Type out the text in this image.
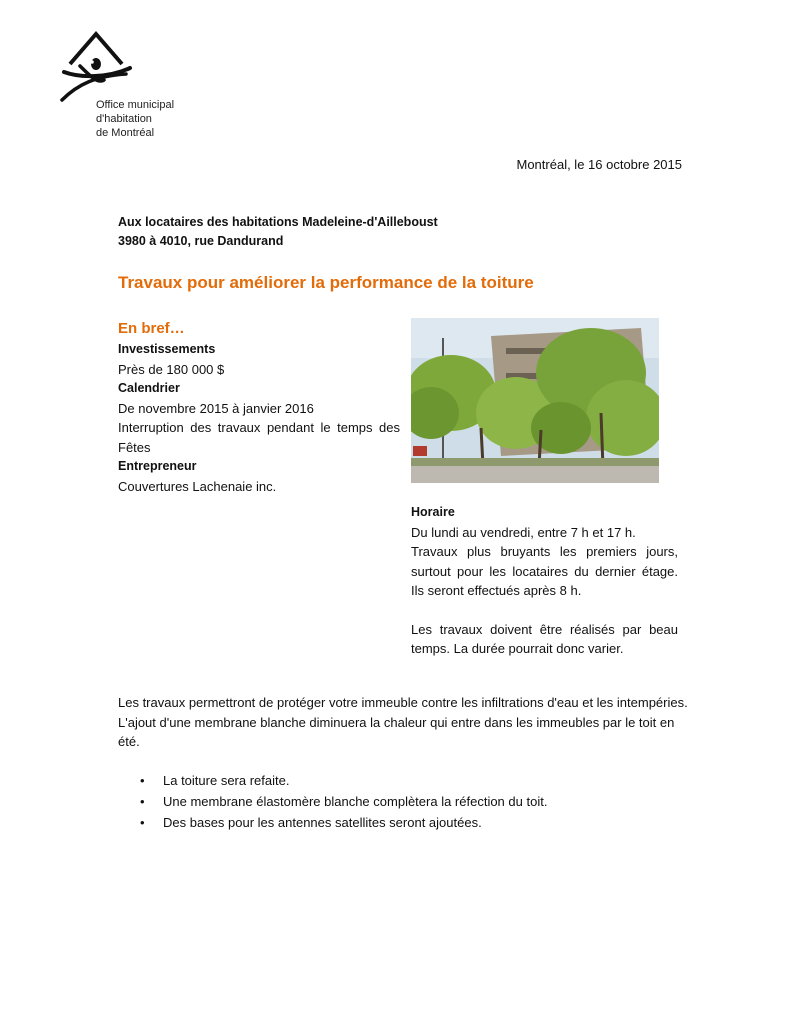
Office municipal
d'habitation
de Montréal
Montréal, le 16 octobre 2015
Aux locataires des habitations Madeleine-d'Ailleboust
3980 à 4010, rue Dandurand
Travaux pour améliorer la performance de la toiture
En bref…
Investissements
Près de 180 000 $
Calendrier
De novembre 2015 à janvier 2016
Interruption des travaux pendant le temps des Fêtes
Entrepreneur
Couvertures Lachenaie inc.
Horaire

Du lundi au vendredi, entre 7 h et 17 h.

Travaux plus bruyants les premiers jours, surtout pour les locataires du dernier étage. Ils seront effectués après 8 h.

Les travaux doivent être réalisés par beau temps. La durée pourrait donc varier.

Les travaux permettront de protéger votre immeuble contre les infiltrations d'eau et les intempéries. L'ajout d'une membrane blanche diminuera la chaleur qui entre dans les immeubles par le toit en été.
• La toiture sera refaite.
• Une membrane élastomère blanche complètera la réfection du toit.
• Des bases pour les antennes satellites seront ajoutées.
